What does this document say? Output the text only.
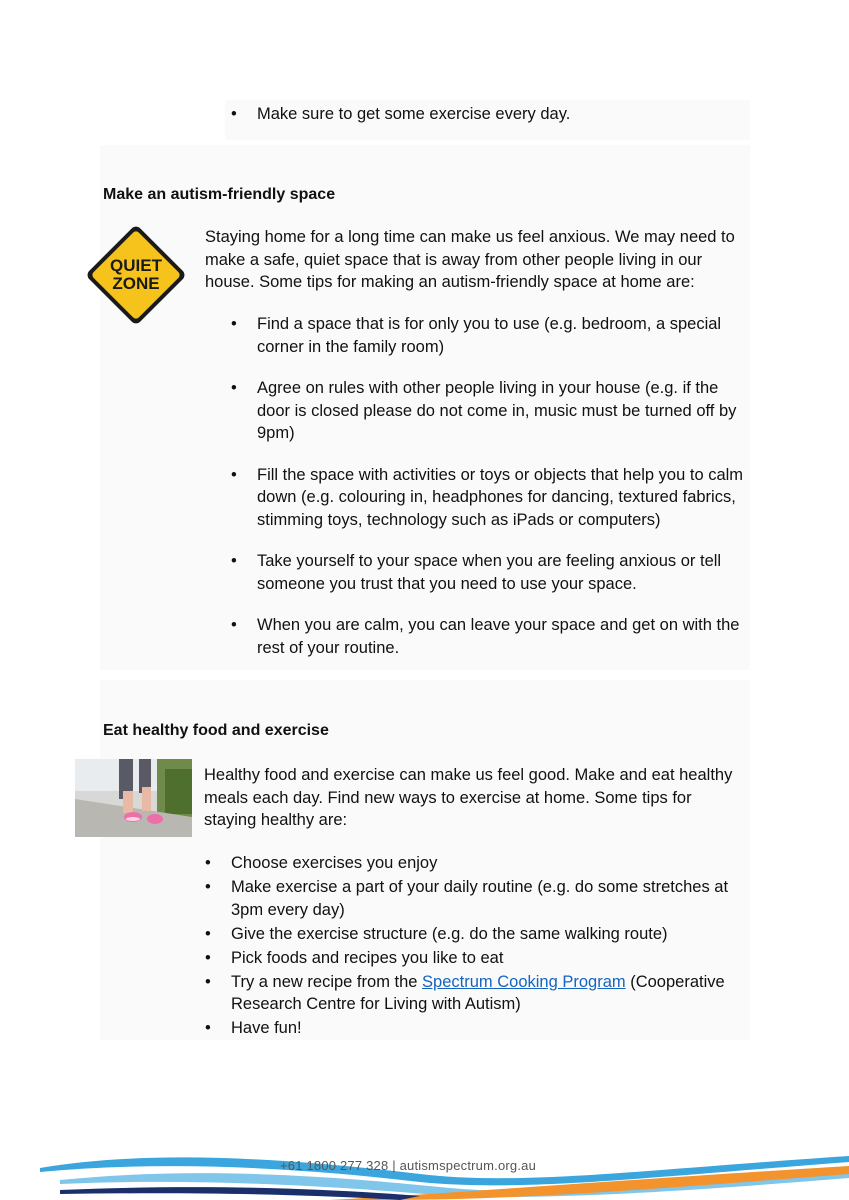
• Make sure to get some exercise every day.
Make an autism-friendly space
QUIET
ZONE

Staying home for a long time can make us feel anxious. We may need to make a safe, quiet space that is away from other people living in our house. Some tips for making an autism-friendly space at home are:

• Find a space that is for only you to use (e.g. bedroom, a special corner in the family room)
• Agree on rules with other people living in your house (e.g. if the door is closed please do not come in, music must be turned off by 9pm)
• Fill the space with activities or toys or objects that help you to calm down (e.g. colouring in, headphones for dancing, textured fabrics, stimming toys, technology such as iPads or computers)
• Take yourself to your space when you are feeling anxious or tell someone you trust that you need to use your space.
• When you are calm, you can leave your space and get on with the rest of your routine.
Eat healthy food and exercise

Healthy food and exercise can make us feel good. Make and eat healthy meals each day. Find new ways to exercise at home. Some tips for staying healthy are:

• Choose exercises you enjoy
• Make exercise a part of your daily routine (e.g. do some stretches at 3pm every day)
• Give the exercise structure (e.g. do the same walking route)
• Pick foods and recipes you like to eat
• Try a new recipe from the Spectrum Cooking Program (Cooperative Research Centre for Living with Autism)
• Have fun!
+61 1800 277 328 | autismspectrum.org.au
